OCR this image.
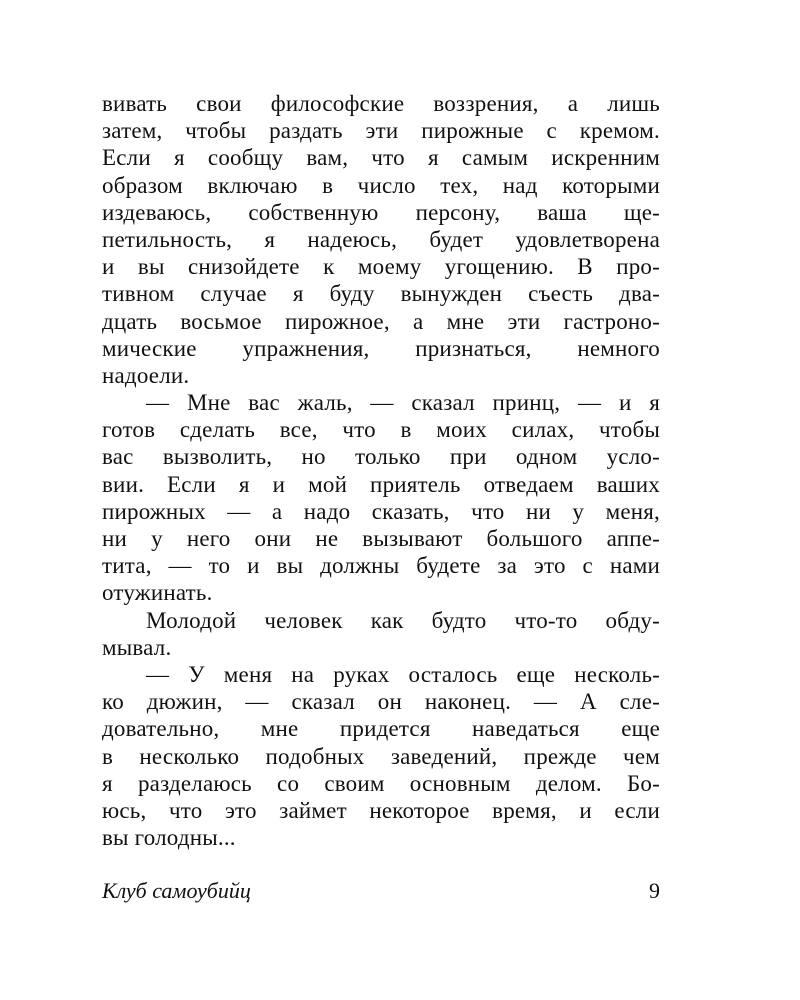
вивать свои философские воззрения, а лишь
затем, чтобы раздать эти пирожные с кремом.
Если я сообщу вам, что я самым искренним
образом включаю в число тех, над которыми
издеваюсь, собственную персону, ваша ще-
петильность, я надеюсь, будет удовлетворена
и вы снизойдете к моему угощению. В про-
тивном случае я буду вынужден съесть два-
дцать восьмое пирожное, а мне эти гастроно-
мические упражнения, признаться, немного
надоели.
— Мне вас жаль, — сказал принц, — и я
готов сделать все, что в моих силах, чтобы
вас вызволить, но только при одном усло-
вии. Если я и мой приятель отведаем ваших
пирожных — а надо сказать, что ни у меня,
ни у него они не вызывают большого аппе-
тита, — то и вы должны будете за это с нами
отужинать.
Молодой человек как будто что-то обду-
мывал.
— У меня на руках осталось еще несколь-
ко дюжин, — сказал он наконец. — А сле-
довательно, мне придется наведаться еще
в несколько подобных заведений, прежде чем
я разделаюсь со своим основным делом. Бо-
юсь, что это займет некоторое время, и если
вы голодны...
Клуб самоубийц	9
